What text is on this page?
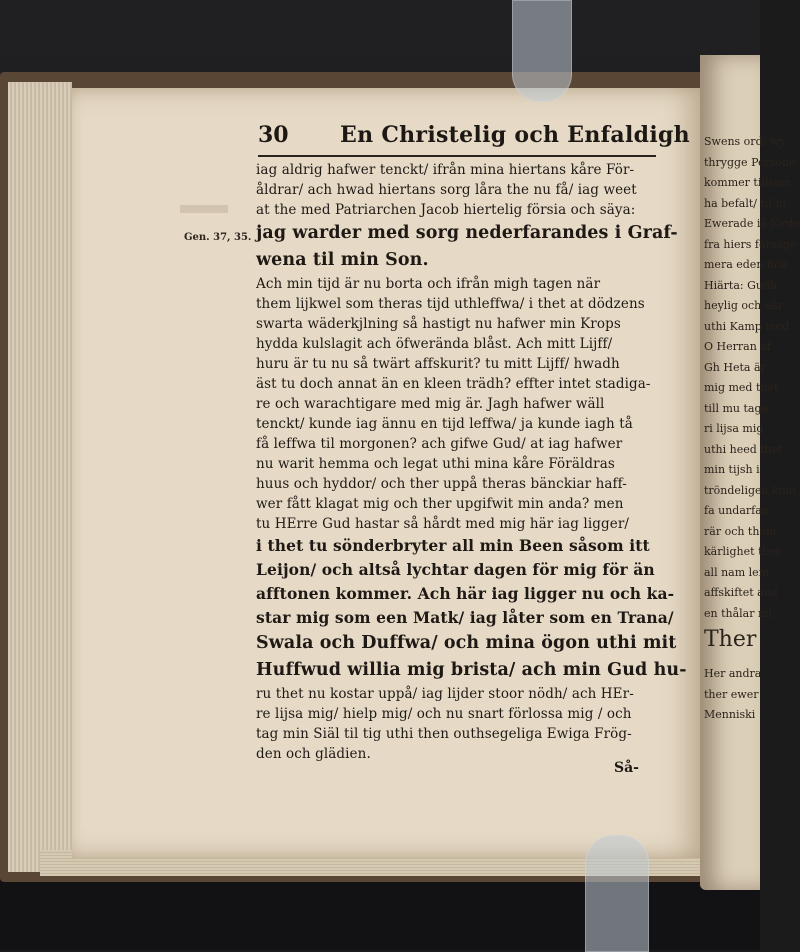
Swens ord/ wy
thrygge Persone
kommer tillsam
ha befalt/ til hi
Ewerade iå förde
fra hiers försage
mera eden fick
Hiärta: Gudh
heylig och eär
uthi Kamp med
O Herran af
Gh Heta är
mig med thet
till mu taga
ri lijsa mig
uthi heed thet
min tijsh i
tröndeligen kom
fa undarfan
rär och them
kärlighet thet
all nam lem
affskiftet and
en thålar mi
Ther
Her andra
ther ewer
Menniski
30 En Christelig och Enfaldigh
Gen. 37, 35.
iag aldrig hafwer tenckt/ ifrån mina hiertans kåre För-
åldrar/ ach hwad hiertans sorg låra the nu få/ iag weet
at the med Patriarchen Jacob hiertelig försia och säya:
jag warder med sorg nederfarandes i Graf-
wena til min Son.
Ach min tijd är nu borta och ifrån migh tagen när
them lijkwel som theras tijd uthleffwa/ i thet at dödzens
swarta wäderkjlning så hastigt nu hafwer min Krops
hydda kulslagit ach öfwerända blåst. Ach mitt Lijff/
huru är tu nu så twärt affskurit? tu mitt Lijff/ hwadh
äst tu doch annat än en kleen trädh? effter intet stadiga-
re och warachtigare med mig är. Jagh hafwer wäll
tenckt/ kunde iag ännu en tijd leffwa/ ja kunde iagh tå
få leffwa til morgonen? ach gifwe Gud/ at iag hafwer
nu warit hemma och legat uthi mina kåre Föräldras
huus och hyddor/ och ther uppå theras bänckiar haff-
wer fått klagat mig och ther upgifwit min anda? men
tu HErre Gud hastar så hårdt med mig här iag ligger/
i thet tu sönderbryter all min Been såsom itt
Leijon/ och altså lychtar dagen för mig för än
afftonen kommer. Ach här iag ligger nu och ka-
star mig som een Matk/ iag låter som en Trana/
Swala och Duffwa/ och mina ögon uthi mit
Huffwud willia mig brista/ ach min Gud hu-
ru thet nu kostar uppå/ iag lijder stoor nödh/ ach HEr-
re lijsa mig/ hielp mig/ och nu snart förlossa mig / och
tag min Siäl til tig uthi then outhsegeliga Ewiga Frög-
den och glädien.
Så-
